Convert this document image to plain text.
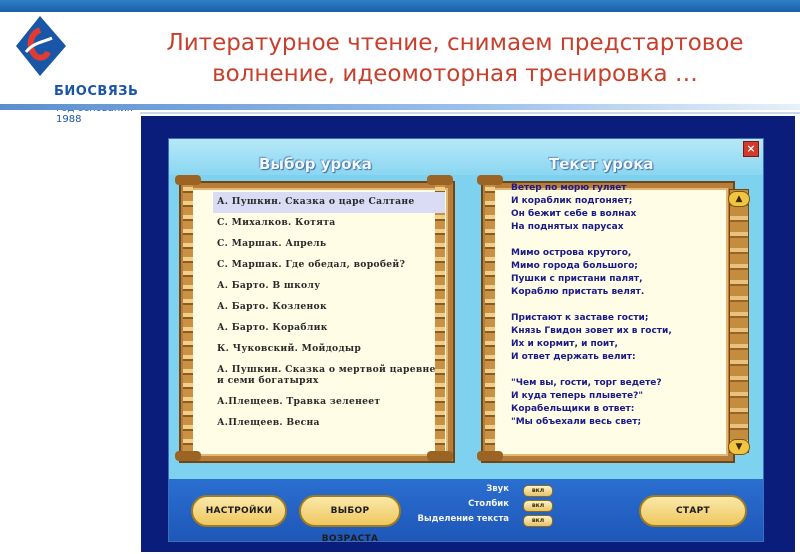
БИОСВЯЗЬ
1988
Литературное чтение, снимаем предстартовое волнение, идеомоторная тренировка …
×
Выбор урока	Текст урока
А. Пушкин. Сказка о царе Салтане
С. Михалков. Котята
С. Маршак. Апрель
С. Маршак. Где обедал, воробей?
А. Барто. В школу
А. Барто. Козленок
А. Барто. Кораблик
К. Чуковский. Мойдодыр
А. Пушкин. Сказка о мертвой царевне и семи богатырях
А.Плещеев. Травка зеленеет
А.Плещеев. Весна
Ветер по морю гуляет
И кораблик подгоняет;
Он бежит себе в волнах
На поднятых парусах
Мимо острова крутого,
Мимо города большого;
Пушки с пристани палят,
Кораблю пристать велят.
Пристают к заставе гости;
Князь Гвидон зовет их в гости,
Их и кормит, и поит,
И ответ держать велит:
"Чем вы, гости, торг ведете?
И куда теперь плывете?"
Корабельщики в ответ:
"Мы объехали весь свет;
▲
▼
НАСТРОЙКИ	ВЫБОР ВОЗРАСТА
Звук	вкл
Столбик	вкл
Выделение текста	вкл
СТАРТ
